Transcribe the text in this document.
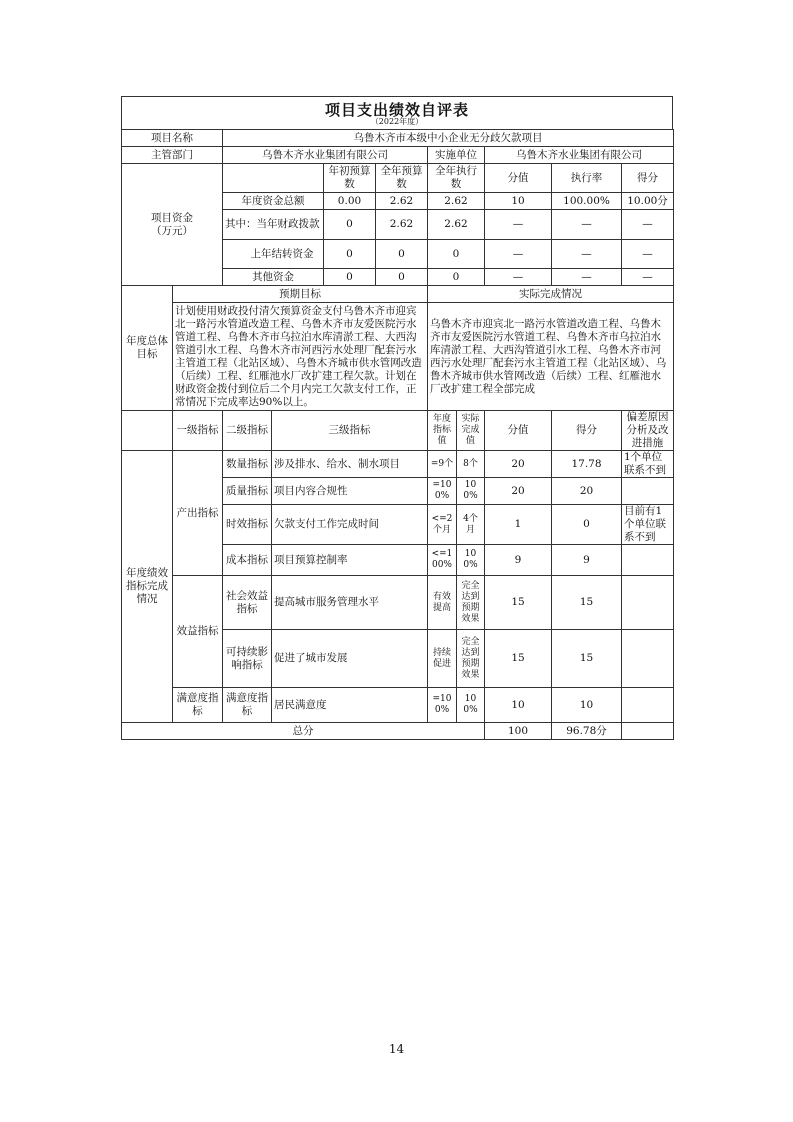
项目支出绩效自评表
（2022年度）
项目名称		乌鲁木齐市本级中小企业无分歧欠款项目								
主管部门		乌鲁木齐水业集团有限公司				实施单位		乌鲁木齐水业集团有限公司		
项目资金
（万元）				年初预算数	全年预算数	全年执行数		分值	执行率	得分
		年度资金总额		0.00	2.62	2.62		10	100.00%	10.00分
		其中：当年财政拨款		0	2.62	2.62		—	—	—
		上年结转资金		0	0	0		—	—	—
		其他资金		0	0	0		—	—	—
年度总体目标	预期目标					实际完成情况				
	计划使用财政投付清欠预算资金支付乌鲁木齐市迎宾北一路污水管道改造工程、乌鲁木齐市友爱医院污水管道工程、乌鲁木齐市乌拉泊水库清淤工程、大西沟管道引水工程、乌鲁木齐市河西污水处理厂配套污水主管道工程（北站区域）、乌鲁木齐城市供水管网改造（后续）工程、红雁池水厂改扩建工程欠款。计划在财政资金拨付到位后二个月内完工欠款支付工作，正常情况下完成率达90%以上。					乌鲁木齐市迎宾北一路污水管道改造工程、乌鲁木齐市友爱医院污水管道工程、乌鲁木齐市乌拉泊水库清淤工程、大西沟管道引水工程、乌鲁木齐市河西污水处理厂配套污水主管道工程（北站区域）、乌鲁木齐城市供水管网改造（后续）工程、红雁池水厂改扩建工程全部完成				
	一级指标	二级指标	三级指标			年度指标值	实际完成值	分值	得分	偏差原因分析及改进措施
年度绩效指标完成情况	产出指标	数量指标	涉及排水、给水、制水项目			=9个	8个	20	17.78	1个单位联系不到
		质量指标	项目内容合规性			=100%	100%	20	20	
		时效指标	欠款支付工作完成时间			<=2个月	4个月	1	0	目前有1个单位联系不到
		成本指标	项目预算控制率			<=100%	100%	9	9	
	效益指标	社会效益指标	提高城市服务管理水平			有效提高	完全达到预期效果	15	15	
		可持续影响指标	促进了城市发展			持续促进	完全达到预期效果	15	15	
	满意度指标	满意度指标	居民满意度			=100%	100%	10	10	
总分								100	96.78分	
14
